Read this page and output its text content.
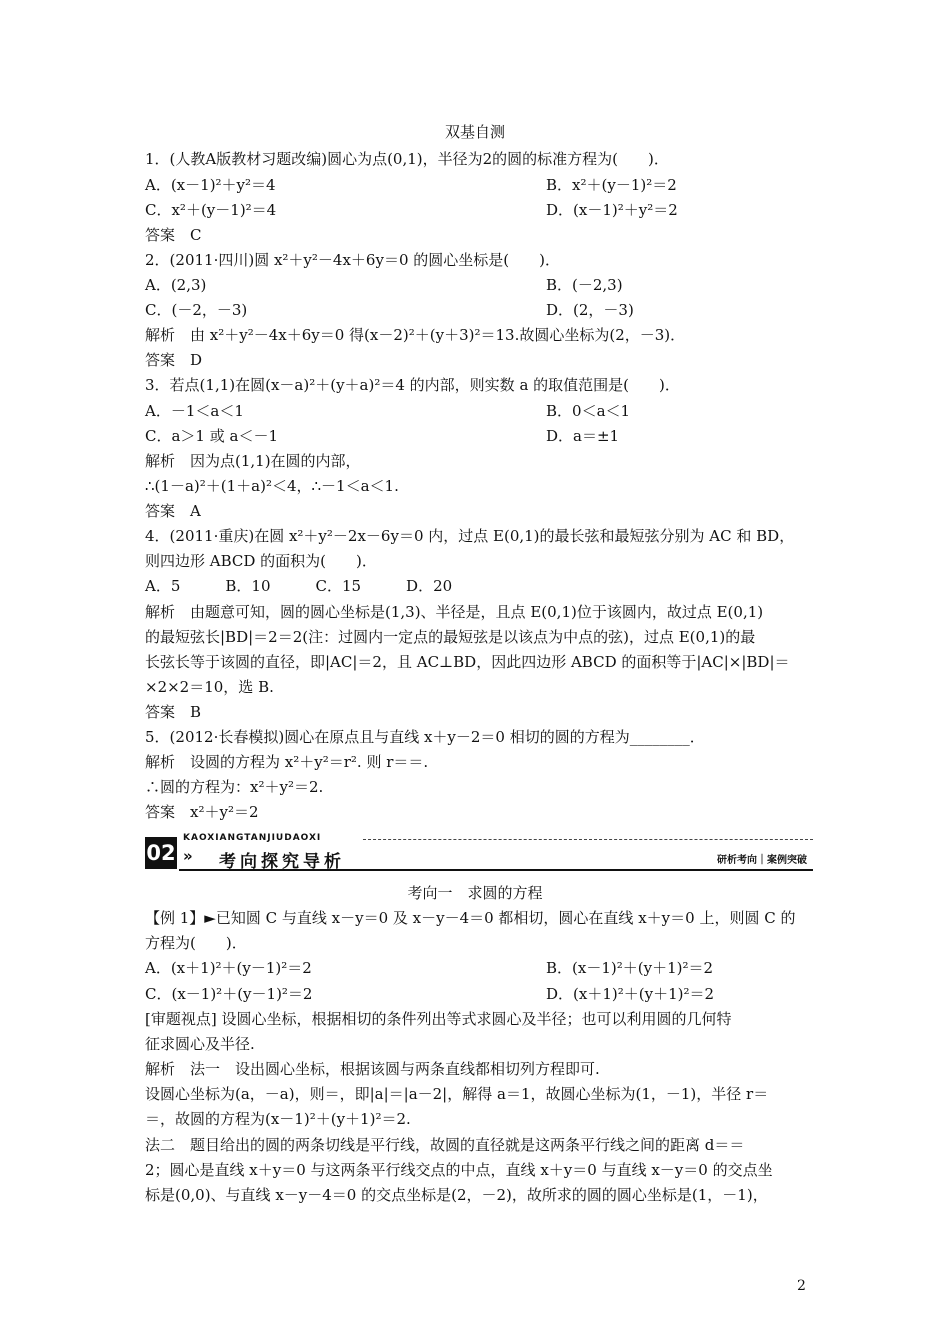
双基自测
1．(人教A版教材习题改编)圆心为点(0,1)，半径为2的圆的标准方程为(　　)．
A．(x－1)²＋y²＝4	B．x²＋(y－1)²＝2
C．x²＋(y－1)²＝4	D．(x－1)²＋y²＝2
答案　C
2．(2011·四川)圆 x²＋y²－4x＋6y＝0 的圆心坐标是(　　)．
A．(2,3)	B．(－2,3)
C．(－2，－3)	D．(2，－3)
解析　由 x²＋y²－4x＋6y＝0 得(x－2)²＋(y＋3)²＝13.故圆心坐标为(2，－3)．
答案　D
3．若点(1,1)在圆(x－a)²＋(y＋a)²＝4 的内部，则实数 a 的取值范围是(　　)．
A．－1＜a＜1	B．0＜a＜1
C．a＞1 或 a＜－1	D．a＝±1
解析　因为点(1,1)在圆的内部，
∴(1－a)²＋(1＋a)²＜4，∴－1＜a＜1.
答案　A
4．(2011·重庆)在圆 x²＋y²－2x－6y＝0 内，过点 E(0,1)的最长弦和最短弦分别为 AC 和 BD，
则四边形 ABCD 的面积为(　　)．
A．5　　　B．10　　　C．15　　　D．20
解析　由题意可知，圆的圆心坐标是(1,3)、半径是，且点 E(0,1)位于该圆内，故过点 E(0,1)
的最短弦长|BD|＝2＝2(注：过圆内一定点的最短弦是以该点为中点的弦)，过点 E(0,1)的最
长弦长等于该圆的直径，即|AC|＝2，且 AC⊥BD，因此四边形 ABCD 的面积等于|AC|×|BD|＝
×2×2＝10，选 B.
答案　B
5．(2012·长春模拟)圆心在原点且与直线 x＋y－2＝0 相切的圆的方程为________．
解析　设圆的方程为 x²＋y²＝r². 则 r＝＝.
∴圆的方程为：x²＋y²＝2.
答案　x²＋y²＝2
02
KAOXIANGTANJIUDAOXI
» 考向探究导析	研析考向｜案例突破
考向一　求圆的方程
【例 1】►已知圆 C 与直线 x－y＝0 及 x－y－4＝0 都相切，圆心在直线 x＋y＝0 上，则圆 C 的
方程为(　　)．
A．(x＋1)²＋(y－1)²＝2	B．(x－1)²＋(y＋1)²＝2
C．(x－1)²＋(y－1)²＝2	D．(x＋1)²＋(y＋1)²＝2
[审题视点] 设圆心坐标，根据相切的条件列出等式求圆心及半径；也可以利用圆的几何特
征求圆心及半径.
解析　法一　设出圆心坐标，根据该圆与两条直线都相切列方程即可.
设圆心坐标为(a，－a)，则＝，即|a|＝|a－2|，解得 a＝1，故圆心坐标为(1，－1)，半径 r＝
＝，故圆的方程为(x－1)²＋(y＋1)²＝2.
法二　题目给出的圆的两条切线是平行线，故圆的直径就是这两条平行线之间的距离 d＝＝
2；圆心是直线 x＋y＝0 与这两条平行线交点的中点，直线 x＋y＝0 与直线 x－y＝0 的交点坐
标是(0,0)、与直线 x－y－4＝0 的交点坐标是(2，－2)，故所求的圆的圆心坐标是(1，－1)，
2
